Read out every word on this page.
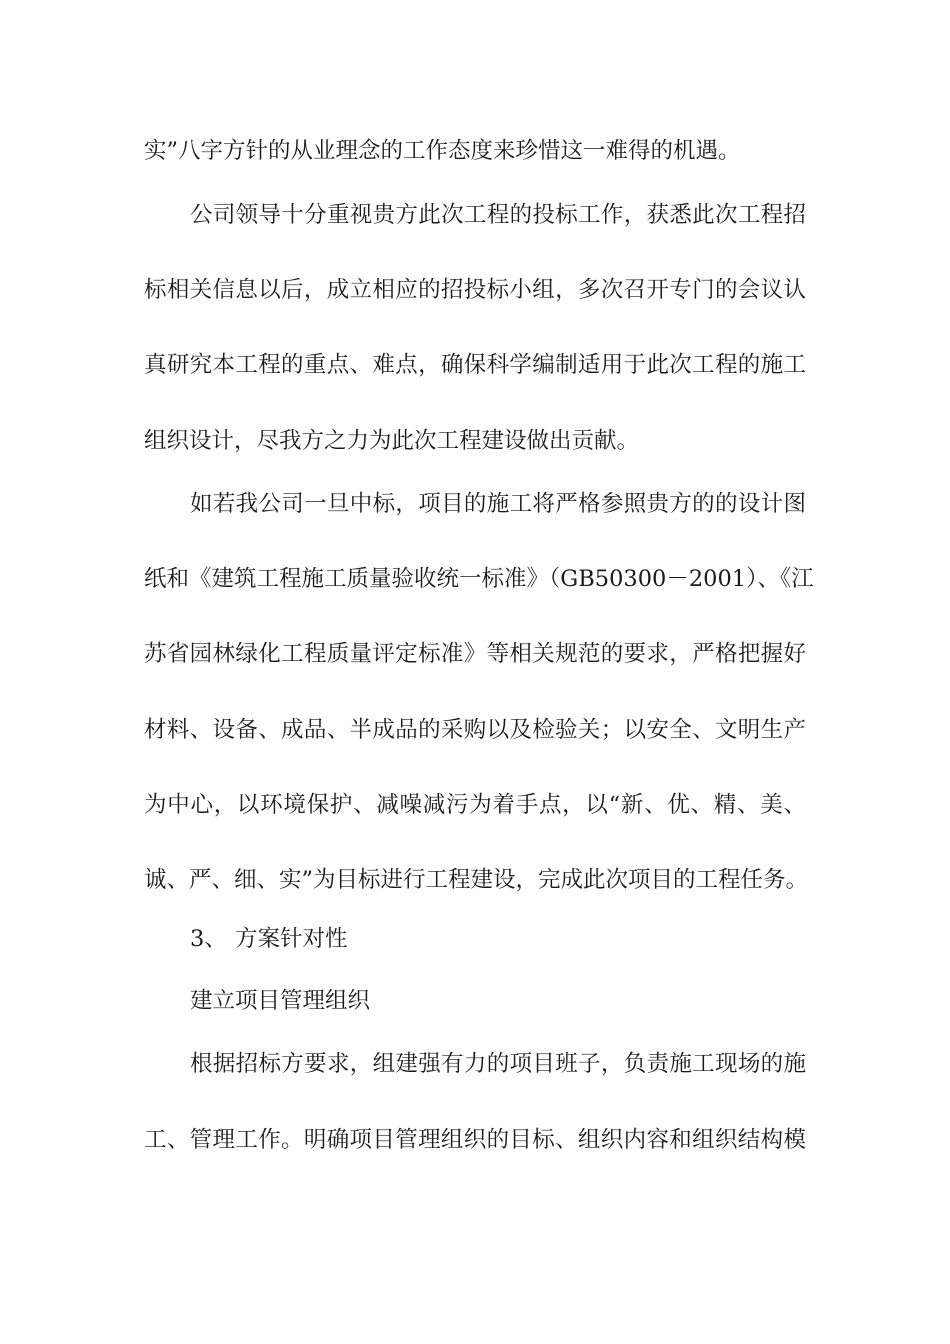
实”八字方针的从业理念的工作态度来珍惜这一难得的机遇。
公司领导十分重视贵方此次工程的投标工作，获悉此次工程招
标相关信息以后，成立相应的招投标小组，多次召开专门的会议认
真研究本工程的重点、难点，确保科学编制适用于此次工程的施工
组织设计，尽我方之力为此次工程建设做出贡献。
如若我公司一旦中标，项目的施工将严格参照贵方的的设计图
纸和《建筑工程施工质量验收统一标准》（GB50300－2001）、《江
苏省园林绿化工程质量评定标准》等相关规范的要求，严格把握好
材料、设备、成品、半成品的采购以及检验关；以安全、文明生产
为中心，以环境保护、减噪减污为着手点，以“新、优、精、美、
诚、严、细、实”为目标进行工程建设，完成此次项目的工程任务。
3、 方案针对性
建立项目管理组织
根据招标方要求，组建强有力的项目班子，负责施工现场的施
工、管理工作。明确项目管理组织的目标、组织内容和组织结构模
